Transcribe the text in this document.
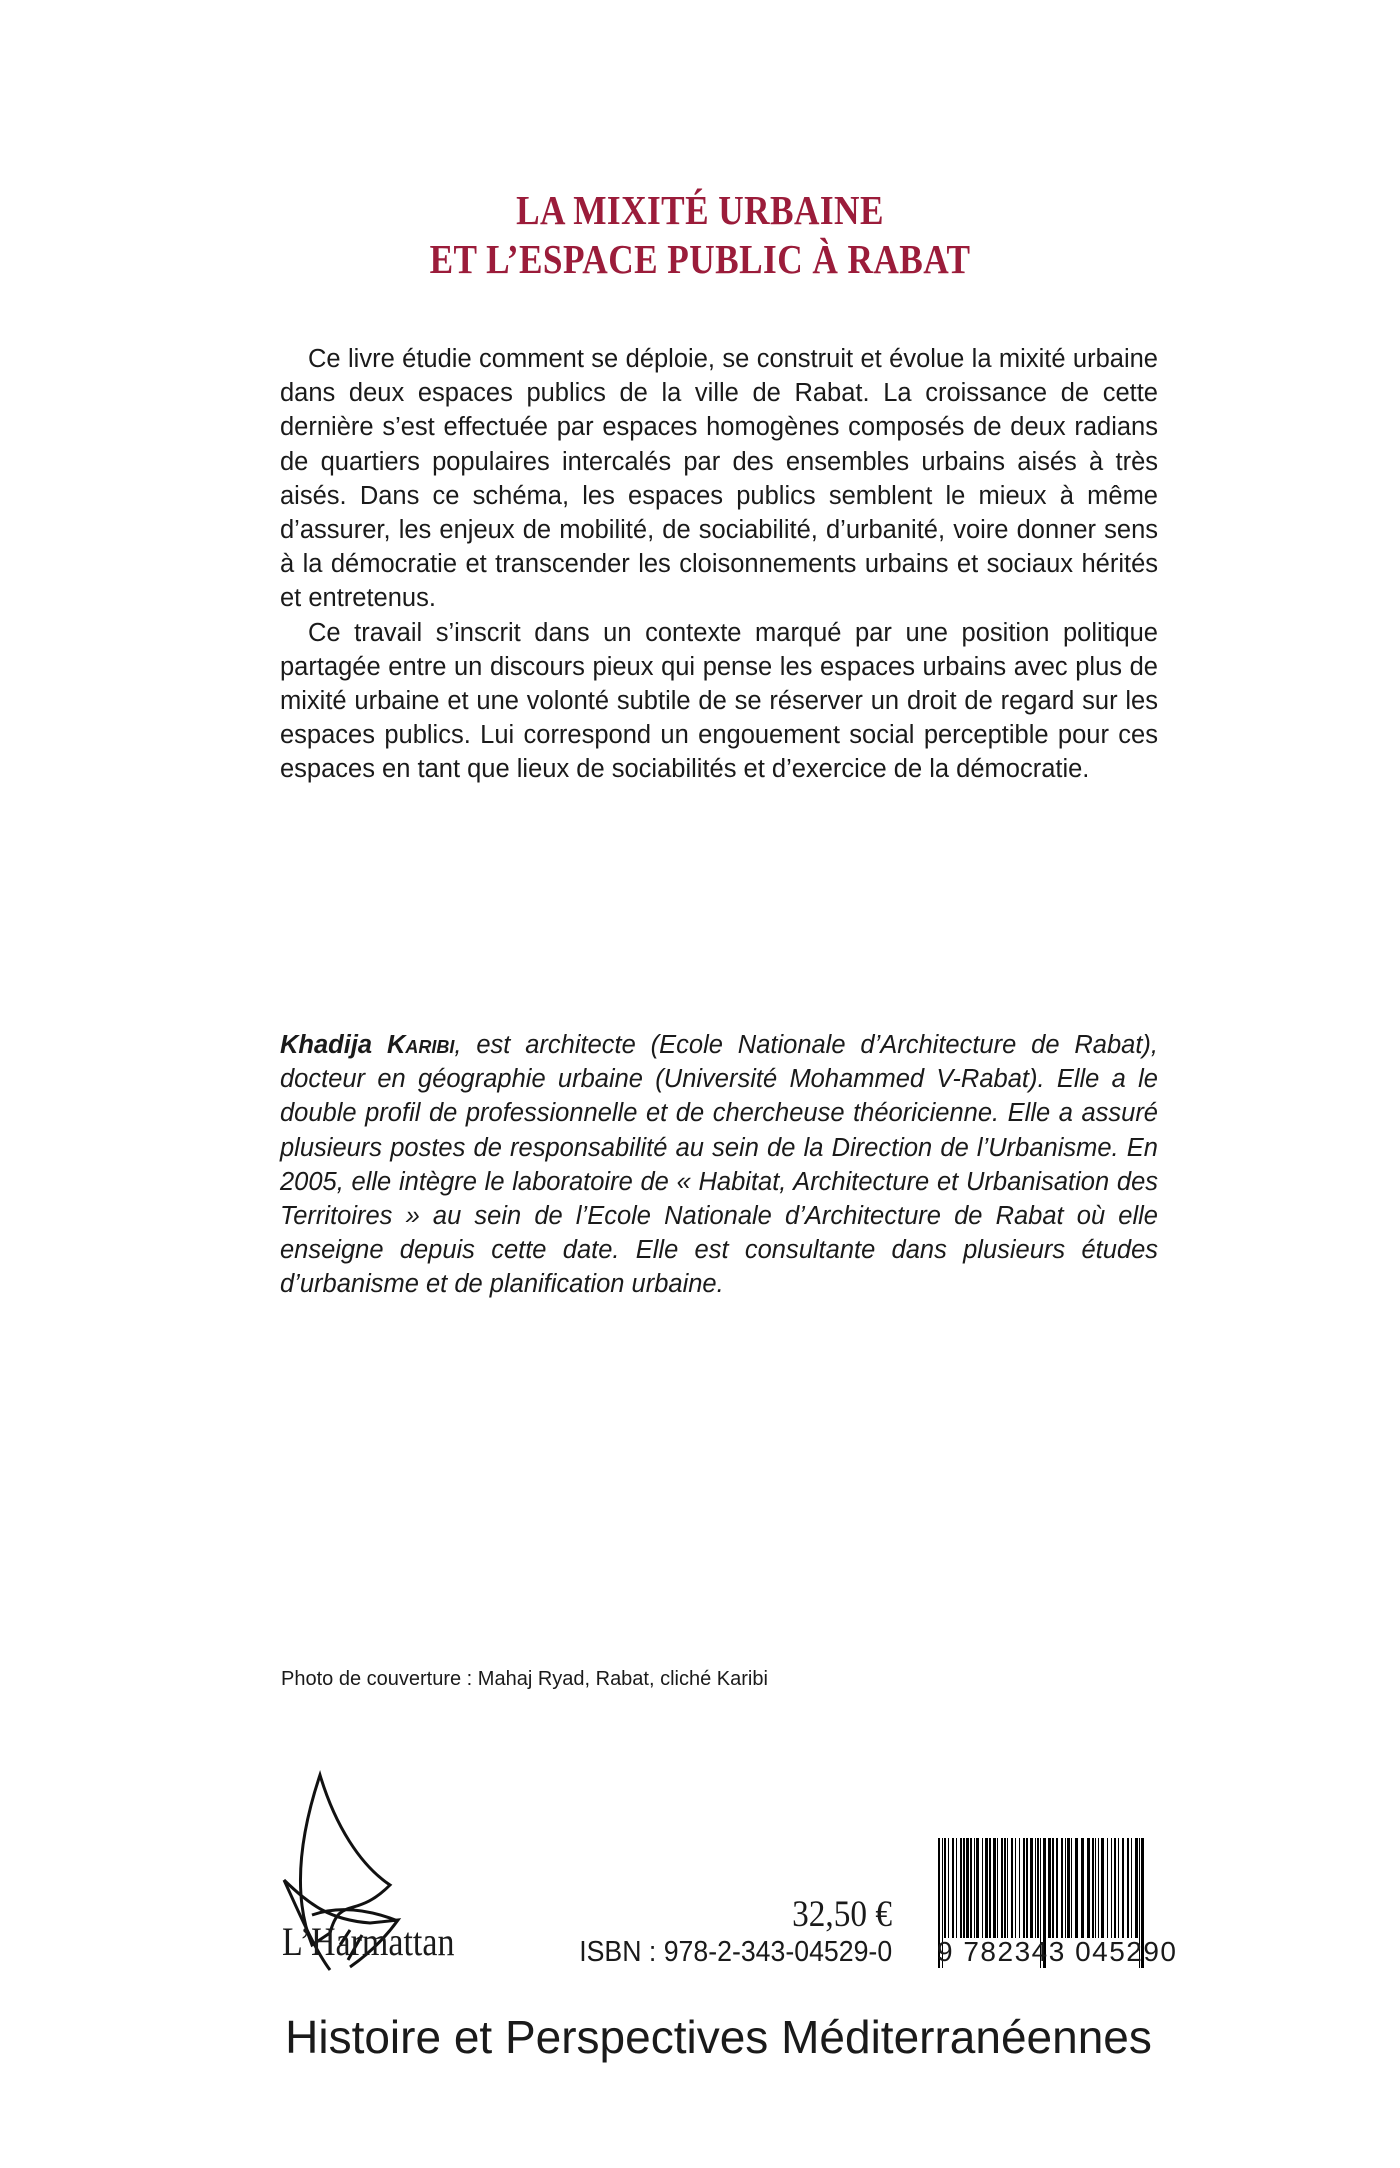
LA MIXITÉ URBAINE
ET L’ESPACE PUBLIC À RABAT

Ce livre étudie comment se déploie, se construit et évolue la mixité urbaine dans deux espaces publics de la ville de Rabat. La croissance de cette dernière s’est effectuée par espaces homogènes composés de deux radians de quartiers populaires intercalés par des ensembles urbains aisés à très aisés. Dans ce schéma, les espaces publics semblent le mieux à même d’assurer, les enjeux de mobilité, de sociabilité, d’urbanité, voire donner sens à la démocratie et transcender les cloisonnements urbains et sociaux hérités et entretenus.

Ce travail s’inscrit dans un contexte marqué par une position politique partagée entre un discours pieux qui pense les espaces urbains avec plus de mixité urbaine et une volonté subtile de se réserver un droit de regard sur les espaces publics. Lui correspond un engouement social perceptible pour ces espaces en tant que lieux de sociabilités et d’exercice de la démocratie.

Khadija Karibi, est architecte (Ecole Nationale d’Architecture de Rabat), docteur en géographie urbaine (Université Mohammed V-Rabat). Elle a le double profil de professionnelle et de chercheuse théoricienne. Elle a assuré plusieurs postes de responsabilité au sein de la Direction de l’Urbanisme. En 2005, elle intègre le laboratoire de « Habitat, Architecture et Urbanisation des Territoires » au sein de l’Ecole Nationale d’Architecture de Rabat où elle enseigne depuis cette date. Elle est consultante dans plusieurs études d’urbanisme et de planification urbaine.

Photo de couverture : Mahaj Ryad, Rabat, cliché Karibi
L’Harmattan
32,50 €
ISBN : 978-2-343-04529-0 9 782343 045290
Histoire et Perspectives Méditerranéennes
